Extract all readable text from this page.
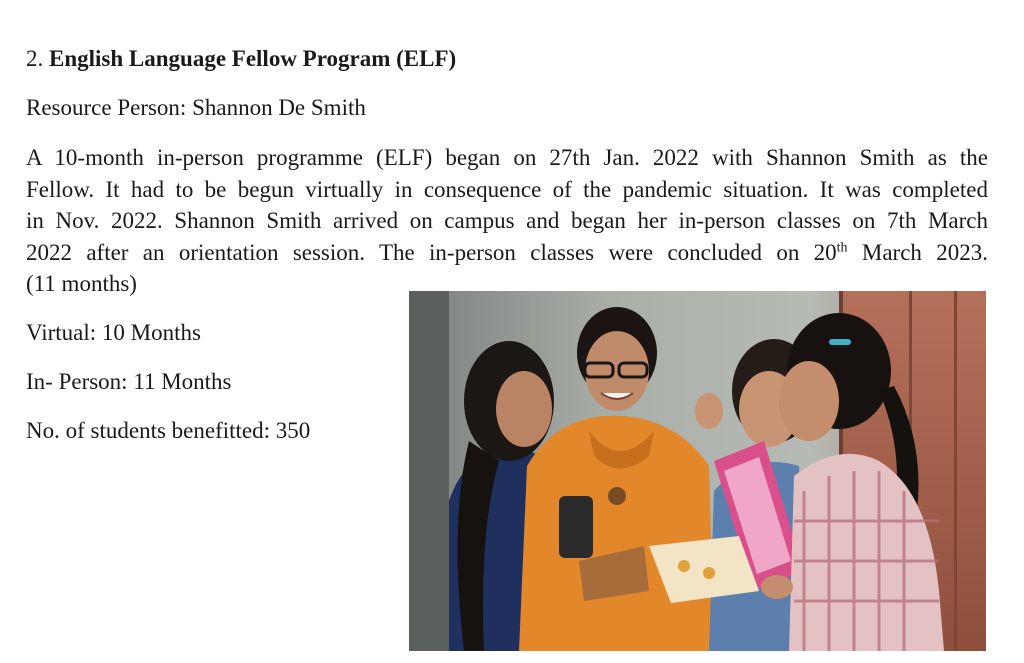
2. English Language Fellow Program (ELF)

Resource Person: Shannon De Smith

A 10-month in-person programme (ELF) began on 27th Jan. 2022 with Shannon Smith as the
Fellow. It had to be begun virtually in consequence of the pandemic situation. It was completed
in Nov. 2022. Shannon Smith arrived on campus and began her in-person classes on 7th March
2022 after an orientation session. The in-person classes were concluded on 20th March 2023.
(11 months)

Virtual: 10 Months

In- Person: 11 Months

No. of students benefitted: 350
